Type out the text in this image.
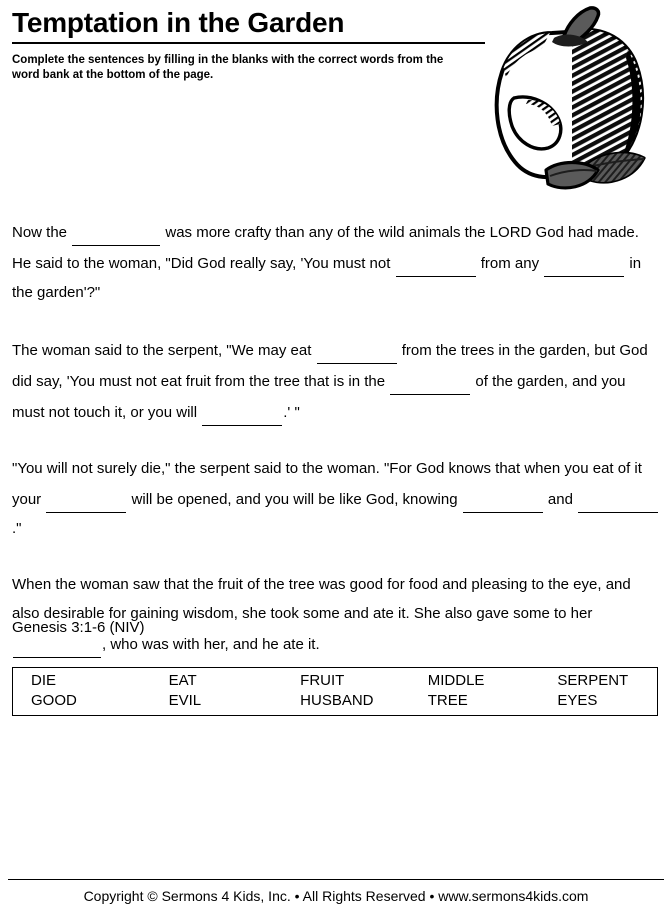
Temptation in the Garden
Complete the sentences by filling in the blanks with the correct words from the word bank at the bottom of the page.
Now the	was more crafty than any of the wild animals the LORD God had made. He said to the woman, "Did God really say, 'You must not	from any	in the garden'?"
The woman said to the serpent, "We may eat	from the trees in the garden, but God did say, 'You must not eat fruit from the tree that is in the	of the garden, and you must not touch it, or you will	.' "
"You will not surely die," the serpent said to the woman. "For God knows that when you eat of it your	will be opened, and you will be like God, knowing	and  ."
When the woman saw that the fruit of the tree was good for food and pleasing to the eye, and also desirable for gaining wisdom, she took some and ate it. She also gave some to her  , who was with her, and he ate it.
Genesis 3:1-6 (NIV)
DIE	EAT	FRUIT	MIDDLE	SERPENT
GOOD	EVIL	HUSBAND	TREE	EYES
Copyright © Sermons 4 Kids, Inc. • All Rights Reserved • www.sermons4kids.com
